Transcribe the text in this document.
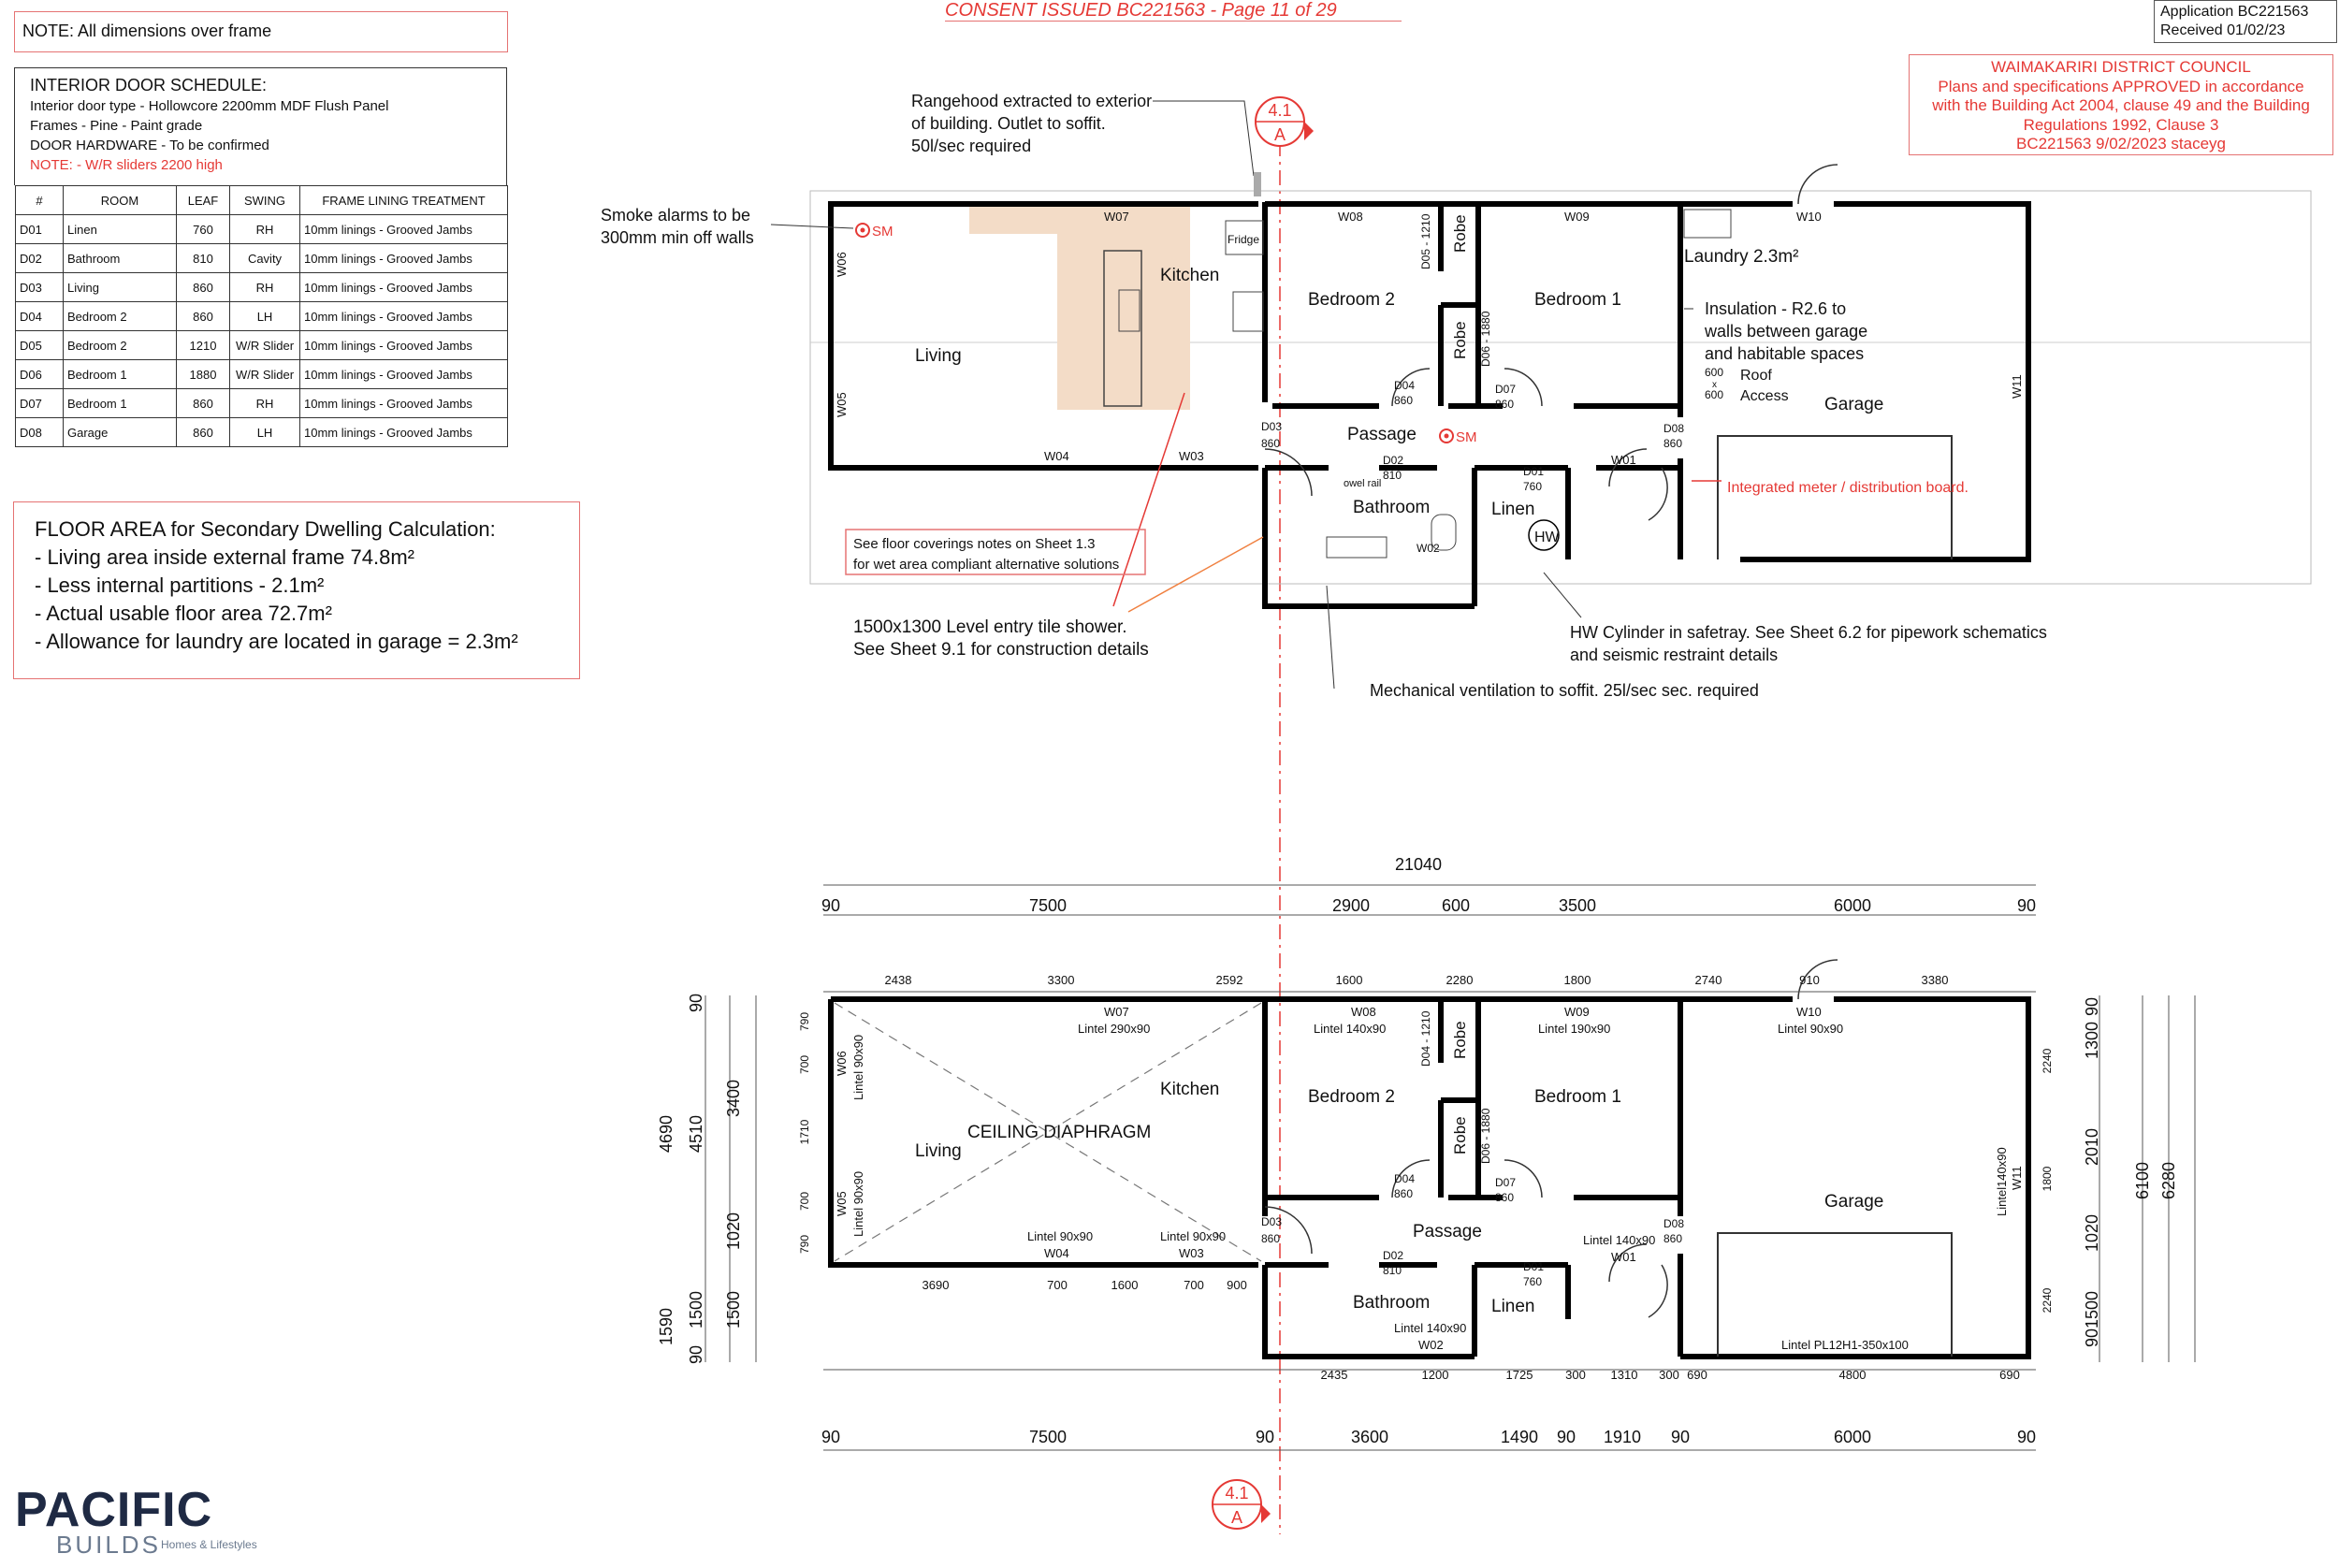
CONSENT ISSUED BC221563 - Page 11 of 29	Application BC221563
Received 01/02/23
WAIMAKARIRI DISTRICT COUNCIL
Plans and specifications APPROVED in accordance
with the Building Act 2004, clause 49 and the Building
Regulations 1992, Clause 3
BC221563 9/02/2023 staceyg
NOTE: All dimensions over frame
INTERIOR DOOR SCHEDULE:
Interior door type - Hollowcore 2200mm MDF Flush Panel
Frames - Pine - Paint grade
DOOR HARDWARE - To be confirmed
NOTE: - W/R sliders 2200 high
#	ROOM	LEAF	SWING	FRAME LINING TREATMENT
D01	Linen	760	RH	10mm linings - Grooved Jambs
D02	Bathroom	810	Cavity	10mm linings - Grooved Jambs
D03	Living	860	RH	10mm linings - Grooved Jambs
D04	Bedroom 2	860	LH	10mm linings - Grooved Jambs
D05	Bedroom 2	1210	W/R Slider	10mm linings - Grooved Jambs
D06	Bedroom 1	1880	W/R Slider	10mm linings - Grooved Jambs
D07	Bedroom 1	860	RH	10mm linings - Grooved Jambs
D08	Garage	860	LH	10mm linings - Grooved Jambs
FLOOR AREA for Secondary Dwelling Calculation:
- Living area inside external frame 74.8m²
- Less internal partitions - 2.1m²
- Actual usable floor area 72.7m²
- Allowance for laundry are located in garage = 2.3m²
Living
Kitchen
Bedroom 2	Bedroom 1
Laundry 2.3m²
Garage
Passage
Bathroom	Linen
HW
Robe
Robe
Fridge
SM
SM
owel rail
W07	W08	W09	W10
W04	W03	W01
W02
W06
W05
W11
D05 - 1210
D06 - 1880
D04
860
D07
860
D03
860
D08
860
D02
810	D01
760
4.1
A
Rangehood extracted to exterior
of building. Outlet to soffit.
50l/sec required
Smoke alarms to be
300mm min off walls
Insulation - R2.6 to
walls between garage
and habitable spaces
Roof
Access
600
x
600
Integrated meter / distribution board.
1500x1300 Level entry tile shower.
See Sheet 9.1 for construction details
HW Cylinder in safetray. See Sheet 6.2 for pipework schematics
and seismic restraint details
Mechanical ventilation to soffit. 25l/sec sec. required
See floor coverings notes on Sheet 1.3
for wet area compliant alternative solutions
CEILING DIAPHRAGM
Living
Kitchen	Bedroom 2	Bedroom 1
Garage
Passage
Bathroom	Linen
Robe
Robe
W07
Lintel 290x90
W08
Lintel 140x90
W09
Lintel 190x90
W10
Lintel 90x90
Lintel 90x90
W04
Lintel 90x90
W03
Lintel 140x90
W01
Lintel 140x90
W02	Lintel PL12H1-350x100
W06 Lintel 90x90
W05 Lintel 90x90	W11
Lintel140x90
D04 - 1210
D06 - 1880
D04
860
D07
860
D03
860
D08
860
D02
810	D01
760
21040
90	7500	2900	600	3500	6000	90
2438	3300	2592	1600	2280	1800	2740	910	3380
3690	700	1600	700 900
2435	1200	1725	300 1310 300 690	4800	690
90	7500	90	3600	1490 90 1910 90	6000	90
4690
1590
90
4510
1500
90
3400
1020
1500
90
1300
2010
1020
1500
90
6100 6280
790
700
1710
700
790
2240
1800
2240
4.1
A
PACIFIC
BUILDS Homes & Lifestyles
